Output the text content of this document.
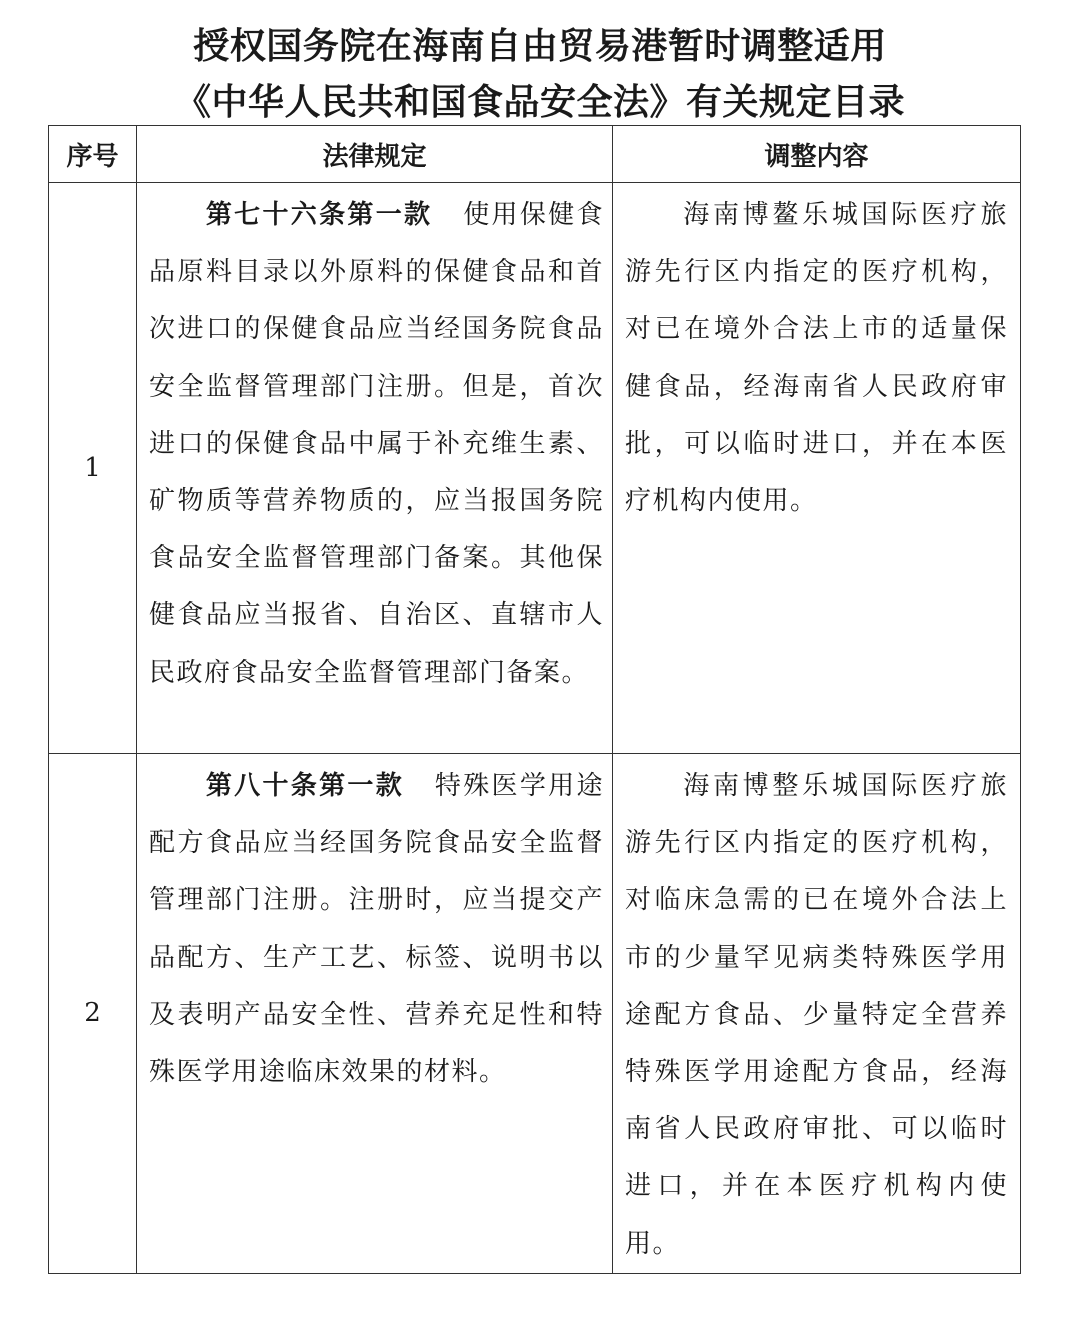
授权国务院在海南自由贸易港暂时调整适用
《中华人民共和国食品安全法》有关规定目录
序号	法律规定	调整内容
1	第七十六条第一款 使用保健食品原料目录以外原料的保健食品和首次进口的保健食品应当经国务院食品安全监督管理部门注册。但是，首次进口的保健食品中属于补充维生素、矿物质等营养物质的，应当报国务院食品安全监督管理部门备案。其他保健食品应当报省、自治区、直辖市人民政府食品安全监督管理部门备案。	海南博鳌乐城国际医疗旅游先行区内指定的医疗机构，对已在境外合法上市的适量保健食品，经海南省人民政府审批，可以临时进口，并在本医疗机构内使用。

2	第八十条第一款 特殊医学用途配方食品应当经国务院食品安全监督管理部门注册。注册时，应当提交产品配方、生产工艺、标签、说明书以及表明产品安全性、营养充足性和特殊医学用途临床效果的材料。	海南博整乐城国际医疗旅游先行区内指定的医疗机构，对临床急需的已在境外合法上市的少量罕见病类特殊医学用途配方食品、少量特定全营养特殊医学用途配方食品，经海南省人民政府审批、可以临时进口，并在本医疗机构内使用。
